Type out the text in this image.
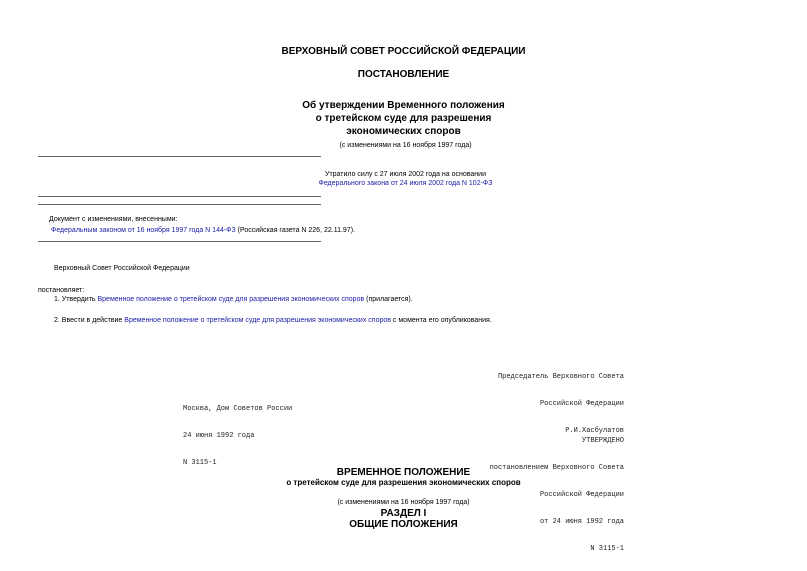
ВЕРХОВНЫЙ СОВЕТ РОССИЙСКОЙ ФЕДЕРАЦИИ
ПОСТАНОВЛЕНИЕ
Об утверждении Временного положения
о третейском суде для разрешения
экономических споров
(с изменениями на 16 ноября 1997 года)
Утратило силу с 27 июля 2002 года на основании
Федерального закона от 24 июля 2002 года N 102-ФЗ
Документ с изменениями, внесенными:
Федеральным законом от 16 ноября 1997 года N 144-ФЗ (Российская газета N 226, 22.11.97).
Верховный Совет Российской Федерации
постановляет:
1. Утвердить Временное положение о третейском суде для разрешения экономических споров (прилагается).
2. Ввести в действие Временное положение о третейском суде для разрешения экономических споров с момента его опубликования.

Председатель Верховного Совета

Российской Федерации

Р.И.Хасбулатов

Москва, Дом Советов России

24 июня 1992 года

N 3115-1

УТВЕРЖДЕНО

постановлением Верховного Совета

Российской Федерации

от 24 июня 1992 года

N 3115-1

ВРЕМЕННОЕ ПОЛОЖЕНИЕ
о третейском суде для разрешения экономических споров
(с изменениями на 16 ноября 1997 года)
РАЗДЕЛ I
ОБЩИЕ ПОЛОЖЕНИЯ
